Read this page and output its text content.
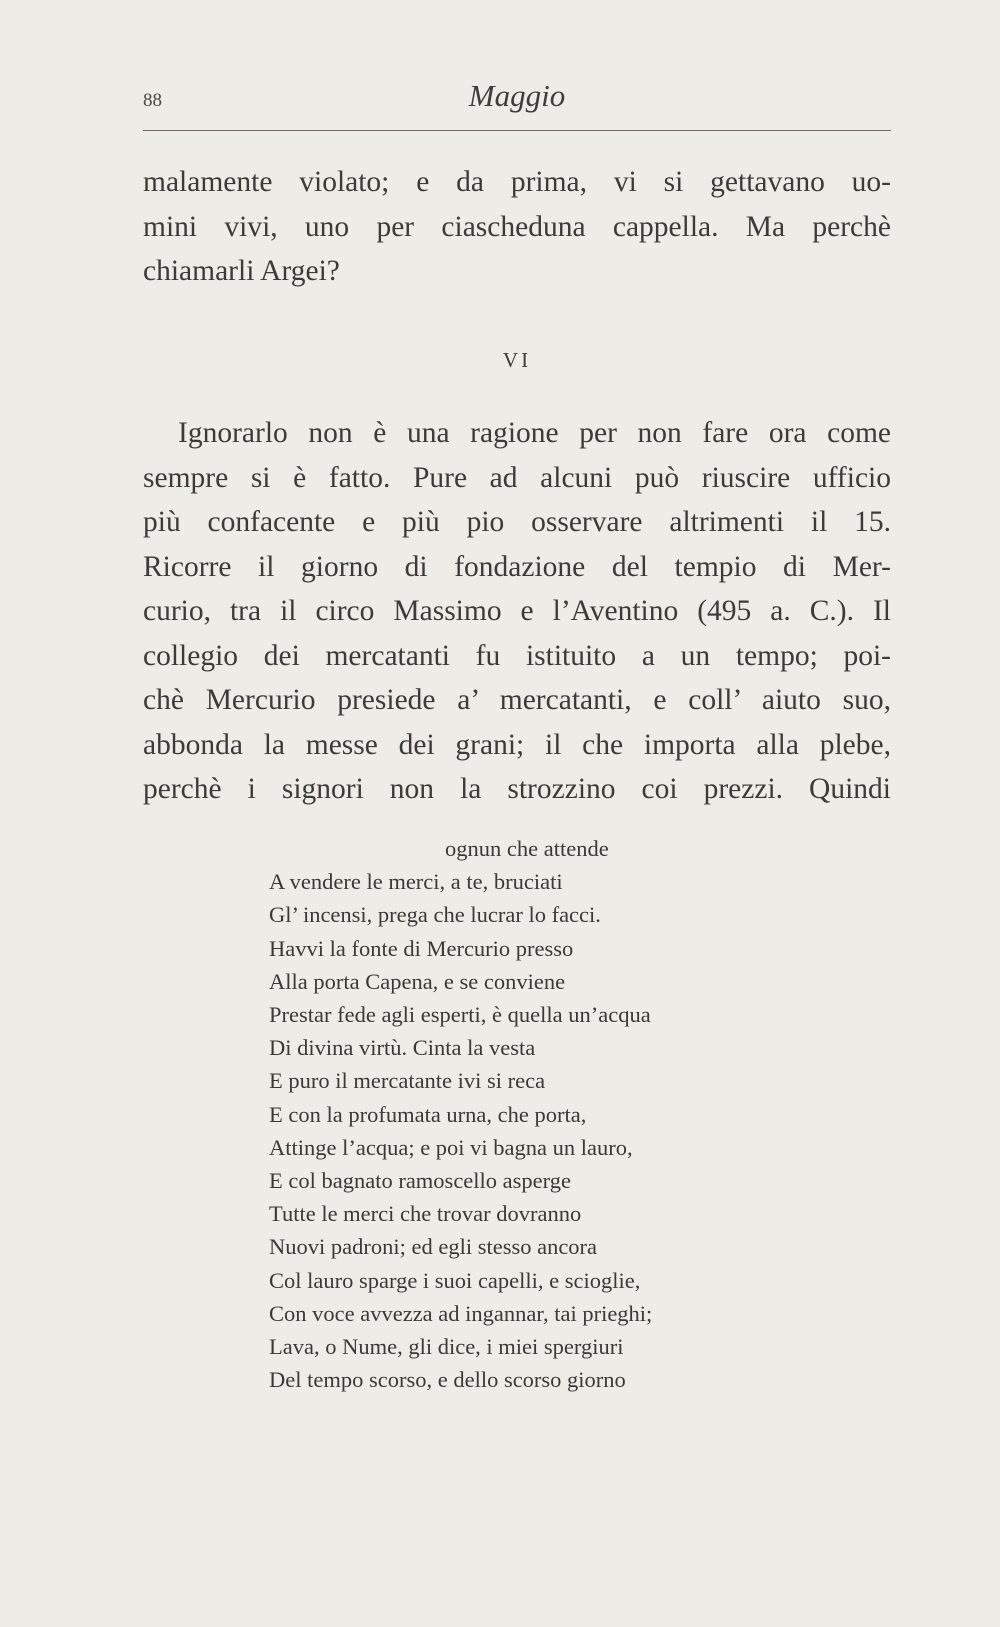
88	Maggio
malamente violato; e da prima, vi si gettavano uo-
mini vivi, uno per ciascheduna cappella. Ma perchè
chiamarli Argei?
VI
Ignorarlo non è una ragione per non fare ora come
sempre si è fatto. Pure ad alcuni può riuscire ufficio
più confacente e più pio osservare altrimenti il 15.
Ricorre il giorno di fondazione del tempio di Mer-
curio, tra il circo Massimo e l’Aventino (495 a. C.). Il
collegio dei mercatanti fu istituito a un tempo; poi-
chè Mercurio presiede a’ mercatanti, e coll’ aiuto suo,
abbonda la messe dei grani; il che importa alla plebe,
perchè i signori non la strozzino coi prezzi. Quindi
ognun che attende
A vendere le merci, a te, bruciati
Gl’ incensi, prega che lucrar lo facci.
Havvi la fonte di Mercurio presso
Alla porta Capena, e se conviene
Prestar fede agli esperti, è quella un’acqua
Di divina virtù. Cinta la vesta
E puro il mercatante ivi si reca
E con la profumata urna, che porta,
Attinge l’acqua; e poi vi bagna un lauro,
E col bagnato ramoscello asperge
Tutte le merci che trovar dovranno
Nuovi padroni; ed egli stesso ancora
Col lauro sparge i suoi capelli, e scioglie,
Con voce avvezza ad ingannar, tai prieghi;
Lava, o Nume, gli dice, i miei spergiuri
Del tempo scorso, e dello scorso giorno
